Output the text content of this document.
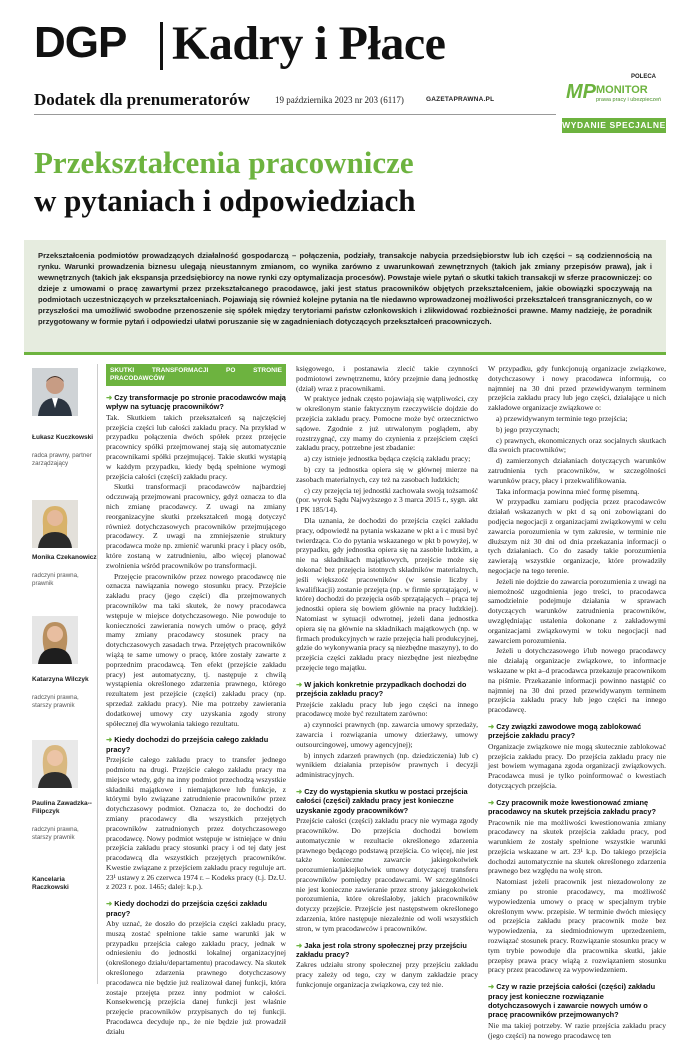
DGP Kadry i Płace
Dodatek dla prenumeratorów	19 października 2023 nr 203 (6117)	GAZETAPRAWNA.PL
POLECA
MP MONITOR
prawa pracy i ubezpieczeń
WYDANIE SPECJALNE
Przekształcenia pracownicze
w pytaniach i odpowiedziach
Przekształcenia podmiotów prowadzących działalność gospodarczą – połączenia, podziały, transakcje nabycia przedsiębiorstw lub ich części – są codziennością na rynku. Warunki prowadzenia biznesu ulegają nieustannym zmianom, co wynika zarówno z uwarunkowań zewnętrznych (takich jak zmiany przepisów prawa), jak i wewnętrznych (takich jak ekspansja przedsiębiorcy na nowe rynki czy optymalizacja procesów). Powstaje wiele pytań o skutki takich transakcji w sferze pracowniczej: co dzieje z umowami o pracę zawartymi przez przekształcanego pracodawcę, jaki jest status pracowników objętych przekształceniem, jakie obowiązki spoczywają na podmiotach uczestniczących w przekształceniach. Pojawiają się również kolejne pytania na tle niedawno wprowadzonej możliwości przekształceń transgranicznych, co w przyszłości ma umożliwić swobodne przenoszenie się spółek między terytoriami państw członkowskich i zlikwidować rozbieżności prawne. Mamy nadzieję, że poradnik przygotowany w formie pytań i odpowiedzi ułatwi poruszanie się w zagadnieniach dotyczących przekształceń pracowniczych.
Łukasz Kuczkowski
radca prawny, partner zarządzający
Monika Czekanowicz
radczyni prawna, prawnik
Katarzyna Wilczyk
radczyni prawna, starszy prawnik
Paulina Zawadzka--Filipczyk
radczyni prawna, starszy prawnik
Kancelaria Raczkowski
SKUTKI TRANSFORMACJI PO STRONIE PRACODAWCÓW
➜ Czy transformacje po stronie pracodawców mają wpływ na sytuację pracowników?

Tak. Skutkiem takich przekształceń są najczęściej przejścia części lub całości zakładu pracy. Na przykład w przypadku połączenia dwóch spółek przez przejęcie pracownicy spółki przejmowanej stają się automatycznie pracownikami spółki przejmującej. Takie skutki wystąpią w każdym przypadku, kiedy będą spełnione wymogi przejścia całości (części) zakładu pracy.

Skutki transformacji pracodawców najbardziej odczuwają przejmowani pracownicy, gdyż oznacza to dla nich zmianę pracodawcy. Z uwagi na zmiany reorganizacyjne skutki przekształceń mogą dotyczyć również dotychczasowych pracowników przejmującego pracodawcy. Z uwagi na zmniejszenie struktury pracodawca może np. zmienić warunki pracy i płacy osób, które zostaną w zatrudnieniu, albo więcej planować zwolnienia wśród pracowników po transformacji.

Przejęcie pracowników przez nowego pracodawcę nie oznacza nawiązania nowego stosunku pracy. Przejście zakładu pracy (jego części) dla przejmowanych pracowników ma taki skutek, że nowy pracodawca wstępuje w miejsce dotychczasowego. Nie powoduje to konieczności zawierania nowych umów o pracę, gdyż mamy zmiany pracodawcy stosunek pracy na dotychczasowych zasadach trwa. Przejętych pracowników wiążą te same umowy o pracę, które zostały zawarte z poprzednim pracodawcą. Ten efekt (przejście zakładu pracy) jest automatyczny, tj. następuje z chwilą wystąpienia określonego zdarzenia prawnego, którego rezultatem jest przejście (części) zakładu pracy (np. sprzedaż zakładu pracy). Nie ma potrzeby zawierania dodatkowej umowy czy uzyskania zgody strony spółecznej dla wywołania takiego rezultatu.

➜ Kiedy dochodzi do przejścia całego zakładu pracy?

Przejście całego zakładu pracy to transfer jednego podmiotu na drugi. Przejście całego zakładu pracy ma miejsce wtedy, gdy na inny podmiot przechodzą wszystkie składniki majątkowe i niemajątkowe lub funkcje, z którymi było związane zatrudnienie pracowników przez dotychczasowy podmiot. Oznacza to, że dochodzi do zmiany pracodawcy dla wszystkich przejętych pracowników zatrudnionych przez dotychczasowego pracodawcę. Nowy podmiot wstępuje w istniejące w dniu przejścia zakładu pracy stosunki pracy i od tej daty jest pracodawcą dla wszystkich przejętych pracowników. Kwestie związane z przejściem zakładu pracy reguluje art. 23¹ ustawy z 26 czerwca 1974 r. – Kodeks pracy (t.j. Dz.U. z 2023 r. poz. 1465; dalej: k.p.).

➜ Kiedy dochodzi do przejścia części zakładu pracy?

Aby uznać, że doszło do przejścia części zakładu pracy, muszą zostać spełnione takie same warunki jak w przypadku przejścia całego zakładu pracy, jednak w odniesieniu do jednostki lokalnej organizacyjnej (określonego działu/departamentu) pracodawcy. Na skutek określonego zdarzenia prawnego dotychczasowy pracodawca nie będzie już realizował danej funkcji, która zostaje przejęta przez inny podmiot w całości. Konsekwencją przejścia danej funkcji jest właśnie przejęcie pracowników przypisanych do tej funkcji. Pracodawca decyduje np., że nie będzie już prowadził działu

księgowego, i postanawia zlecić takie czynności podmiotowi zewnętrznemu, który przejmie daną jednostkę (dział) wraz z pracownikami.

W praktyce jednak często pojawiają się wątpliwości, czy w określonym stanie faktycznym rzeczywiście dojdzie do przejścia zakładu pracy. Pomocne może być orzecznictwo sądowe. Zgodnie z już utrwalonym poglądem, aby rozstrzygnąć, czy mamy do czynienia z przejściem części zakładu pracy, potrzebne jest zbadanie:

a) czy istnieje jednostka będąca częścią zakładu pracy;

b) czy ta jednostka opiera się w głównej mierze na zasobach materialnych, czy też na zasobach ludzkich;

c) czy przejęcia tej jednostki zachowała swoją tożsamość (por. wyrok Sądu Najwyższego z 3 marca 2015 r., sygn. akt I PK 185/14).

Dla uznania, że dochodzi do przejścia części zakładu pracy, odpowiedź na pytania wskazane w pkt a i c musi być twierdząca. Co do pytania wskazanego w pkt b powyżej, w przypadku, gdy jednostka opiera się na zasobie ludzkim, a nie na składnikach majątkowych, przejście może się dokonać bez przejęcia istotnych składników materialnych, jeśli większość pracowników (w sensie liczby i kwalifikacji) zostanie przejęta (np. w firmie sprzątającej, w które) dochodzi do przejęcia osób sprzątających – prąca tej jednostki opiera się bowiem głównie na pracy ludzkiej). Natomiast w sytuacji odwrotnej, jeżeli dana jednostka opiera się na głównie na składnikach majątkowych (np. w firmach produkcyjnych w razie przejęcia hali produkcyjnej, gdzie do wykonywania pracy są niezbędne maszyny), to do przejścia części zakładu pracy niezbędne jest niezbędne przejęcie tego majątku.

➜ W jakich konkretnie przypadkach dochodzi do przejścia zakładu pracy?

Przejście zakładu pracy lub jego części na innego pracodawcę może być rezultatem zarówno:

a) czynności prawnych (np. zawarcia umowy sprzedaży, zawarcia i rozwiązania umowy dzierżawy, umowy outsourcingowej, umowy agencyjnej);

b) innych zdarzeń prawnych (np. dziedziczenia) lub c) wynikiem działania przepisów prawnych i decyzji administracyjnych.

➜ Czy do wystąpienia skutku w postaci przejścia całości (części) zakładu pracy jest konieczne uzyskanie zgody pracowników?

Przejście całości (części) zakładu pracy nie wymaga zgody pracowników. Do przejścia dochodzi bowiem automatycznie w rezultacie określonego zdarzenia prawnego będącego podstawą przejścia. Co więcej, nie jest także konieczne zawarcie jakiegokolwiek porozumienia/jakiejkolwiek umowy dotyczącej transferu pracowników pomiędzy pracodawcami. W szczególności nie jest konieczne zawieranie przez strony jakiegokolwiek porozumienia, które określałoby, jakich pracowników dotyczy przejście. Przejście jest następstwem określonego zdarzenia, które następuje niezależnie od woli wszystkich stron, w tym pracodawców i pracowników.

➜ Jaka jest rola strony społecznej przy przejściu zakładu pracy?

Zakres udziału strony społecznej przy przejściu zakładu pracy zależy od tego, czy w danym zakładzie pracy funkcjonuje organizacja związkowa, czy też nie.

W przypadku, gdy funkcjonują organizacje związkowe, dotychczasowy i nowy pracodawca informują, co najmniej na 30 dni przed przewidywanym terminem przejścia zakładu pracy lub jego części, działające u nich zakładowe organizacje związkowe o:

a) przewidywanym terminie tego przejścia;

b) jego przyczynach;

c) prawnych, ekonomicznych oraz socjalnych skutkach dla swoich pracowników;

d) zamierzonych działaniach dotyczących warunków zatrudnienia tych pracowników, w szczególności warunków pracy, płacy i przekwalifikowania.

Taka informacja powinna mieć formę pisemną.

W przypadku zamiaru podjęcia przez pracodawców działań wskazanych w pkt d są oni zobowiązani do podjęcia negocjacji z organizacjami związkowymi w celu zawarcia porozumienia w tym zakresie, w terminie nie dłuższym niż 30 dni od dnia przekazania informacji o tych działaniach. Co do zasady takie porozumienia zawierają wszystkie organizacje, które prowadziły negocjacje na tego terenie.

Jeżeli nie dojdzie do zawarcia porozumienia z uwagi na niemożność uzgodnienia jego treści, to pracodawca samodzielnie podejmuje działania w sprawach dotyczących warunków zatrudnienia pracowników, uwzględniając ustalenia dokonane z zakładowymi organizacjami związkowymi w toku negocjacji nad zawarciem porozumienia.

Jeżeli u dotychczasowego i/lub nowego pracodawcy nie działają organizacje związkowe, to informacje wskazane w pkt a–d pracodawca przekazuje pracownikom na piśmie. Przekazanie informacji powinno nastąpić co najmniej na 30 dni przed przewidywanym terminem przejścia zakładu pracy lub jego części na innego pracodawcę.

➜ Czy związki zawodowe mogą zablokować przejście zakładu pracy?

Organizacje związkowe nie mogą skutecznie zablokować przejścia zakładu pracy. Do przejścia zakładu pracy nie jest bowiem wymagana zgoda organizacji związkowych. Pracodawca musi je tylko poinformować o kwestiach dotyczących przejścia.

➜ Czy pracownik może kwestionować zmianę pracodawcy na skutek przejścia zakładu pracy?

Pracownik nie ma możliwości kwestionowania zmiany pracodawcy na skutek przejścia zakładu pracy, pod warunkiem że zostały spełnione wszystkie warunki przejścia wskazane w art. 23¹ k.p. Do takiego przejścia dochodzi automatycznie na skutek określonego zdarzenia prawnego bez względu na wolę stron.

Natomiast jeżeli pracownik jest niezadowolony ze zmiany po stronie pracodawcy, ma możliwość wypowiedzenia umowy o pracę w specjalnym trybie określonym www. przepisie. W terminie dwóch miesięcy od przejścia zakładu pracy pracownik może bez wypowiedzenia, za siedmiodniowym uprzedzeniem, rozwiązać stosunek pracy. Rozwiązanie stosunku pracy w tym trybie powoduje dla pracownika skutki, jakie przepisy prawa pracy wiążą z rozwiązaniem stosunku pracy przez pracodawcę za wypowiedzeniem.

➜ Czy w razie przejścia całości (części) zakładu pracy jest konieczne rozwiązanie dotychczasowych i zawarcie nowych umów o pracę pracowników przejmowanych?

Nie ma takiej potrzeby. W razie przejścia zakładu pracy (jego części) na nowego pracodawcę ten
